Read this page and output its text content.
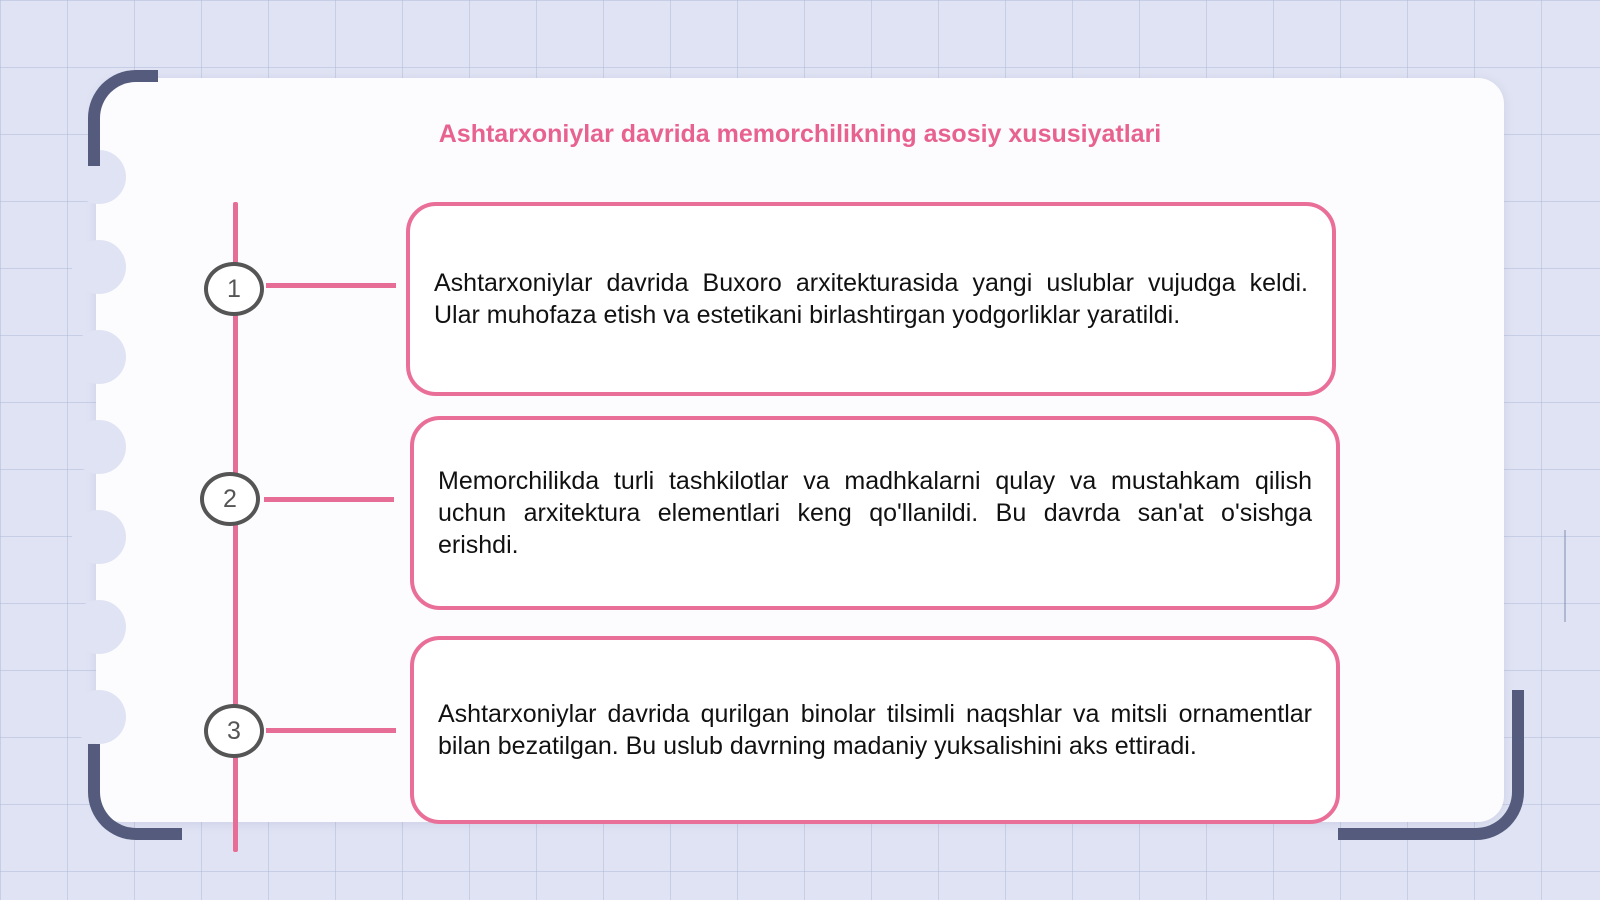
Ashtarxoniylar davrida memorchilikning asosiy xususiyatlari
1
2
3

Ashtarxoniylar davrida Buxoro arxitekturasida yangi uslublar vujudga keldi. Ular muhofaza etish va estetikani birlashtirgan yodgorliklar yaratildi.

Memorchilikda turli tashkilotlar va madhkalarni qulay va mustahkam qilish uchun arxitektura elementlari keng qo'llanildi. Bu davrda san'at o'sishga erishdi.

Ashtarxoniylar davrida qurilgan binolar tilsimli naqshlar va mitsli ornamentlar bilan bezatilgan. Bu uslub davrning madaniy yuksalishini aks ettiradi.
